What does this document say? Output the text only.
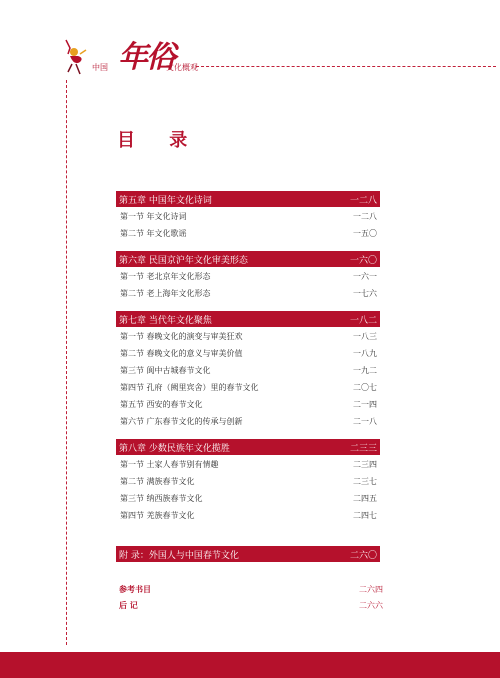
中国 年俗
文化概观
目 录
第五章 中国年文化诗词	一二八
第一节 年文化诗词	一二八
第二节 年文化歌谣	一五〇
第六章 民国京沪年文化审美形态	一六〇
第一节 老北京年文化形态	一六一
第二节 老上海年文化形态	一七六
第七章 当代年文化聚焦	一八二
第一节 春晚文化的演变与审美狂欢	一八三
第二节 春晚文化的意义与审美价值	一八九
第三节 阆中古城春节文化	一九二
第四节 孔府（阙里宾舍）里的春节文化	二〇七
第五节 西安的春节文化	二一四
第六节 广东春节文化的传承与创新	二一八
第八章 少数民族年文化揽胜	二三三
第一节 土家人春节别有情趣	二三四
第二节 满族春节文化	二三七
第三节 纳西族春节文化	二四五
第四节 羌族春节文化	二四七
附 录：外国人与中国春节文化	二六〇
参考书目	二六四
后 记	二六六
